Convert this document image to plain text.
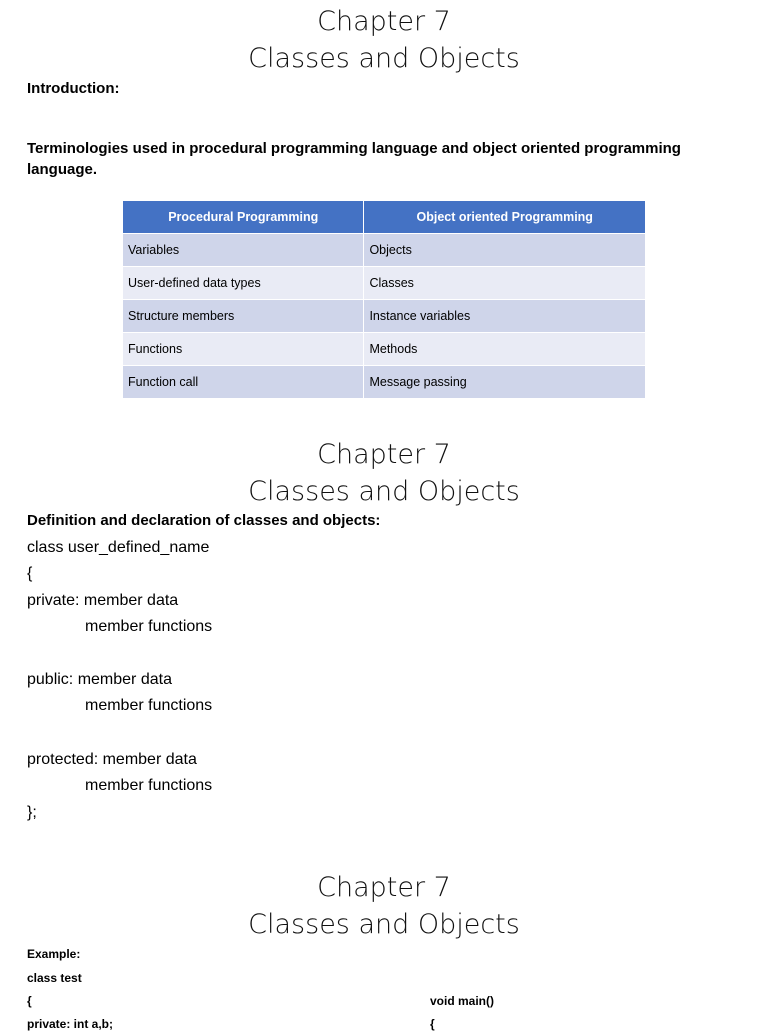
Chapter 7
Classes and Objects
Introduction:
Terminologies used in procedural programming language and object oriented programming language.
Procedural Programming	Object oriented Programming
Variables	Objects
User-defined data types	Classes
Structure members	Instance variables
Functions	Methods
Function call	Message passing
Chapter 7
Classes and Objects
Definition and declaration of classes and objects:
class user_defined_name
{
private: member data
member functions
public: member data
member functions
protected: member data
member functions
};
Chapter 7
Classes and Objects
Example:
class test
{
private: int a,b;
void main()
{
